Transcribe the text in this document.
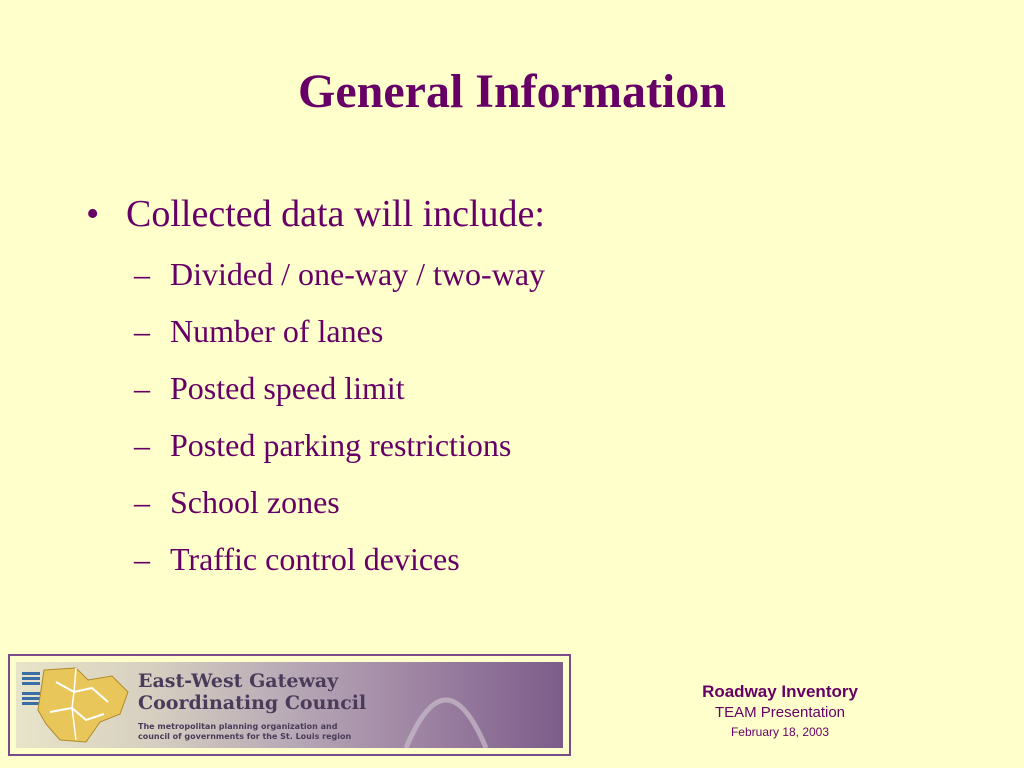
General Information
• Collected data will include:
– Divided / one-way / two-way
– Number of lanes
– Posted speed limit
– Posted parking restrictions
– School zones
– Traffic control devices
East-West Gateway
Coordinating Council
The metropolitan planning organization and
council of governments for the St. Louis region
Roadway Inventory
TEAM Presentation
February 18, 2003
